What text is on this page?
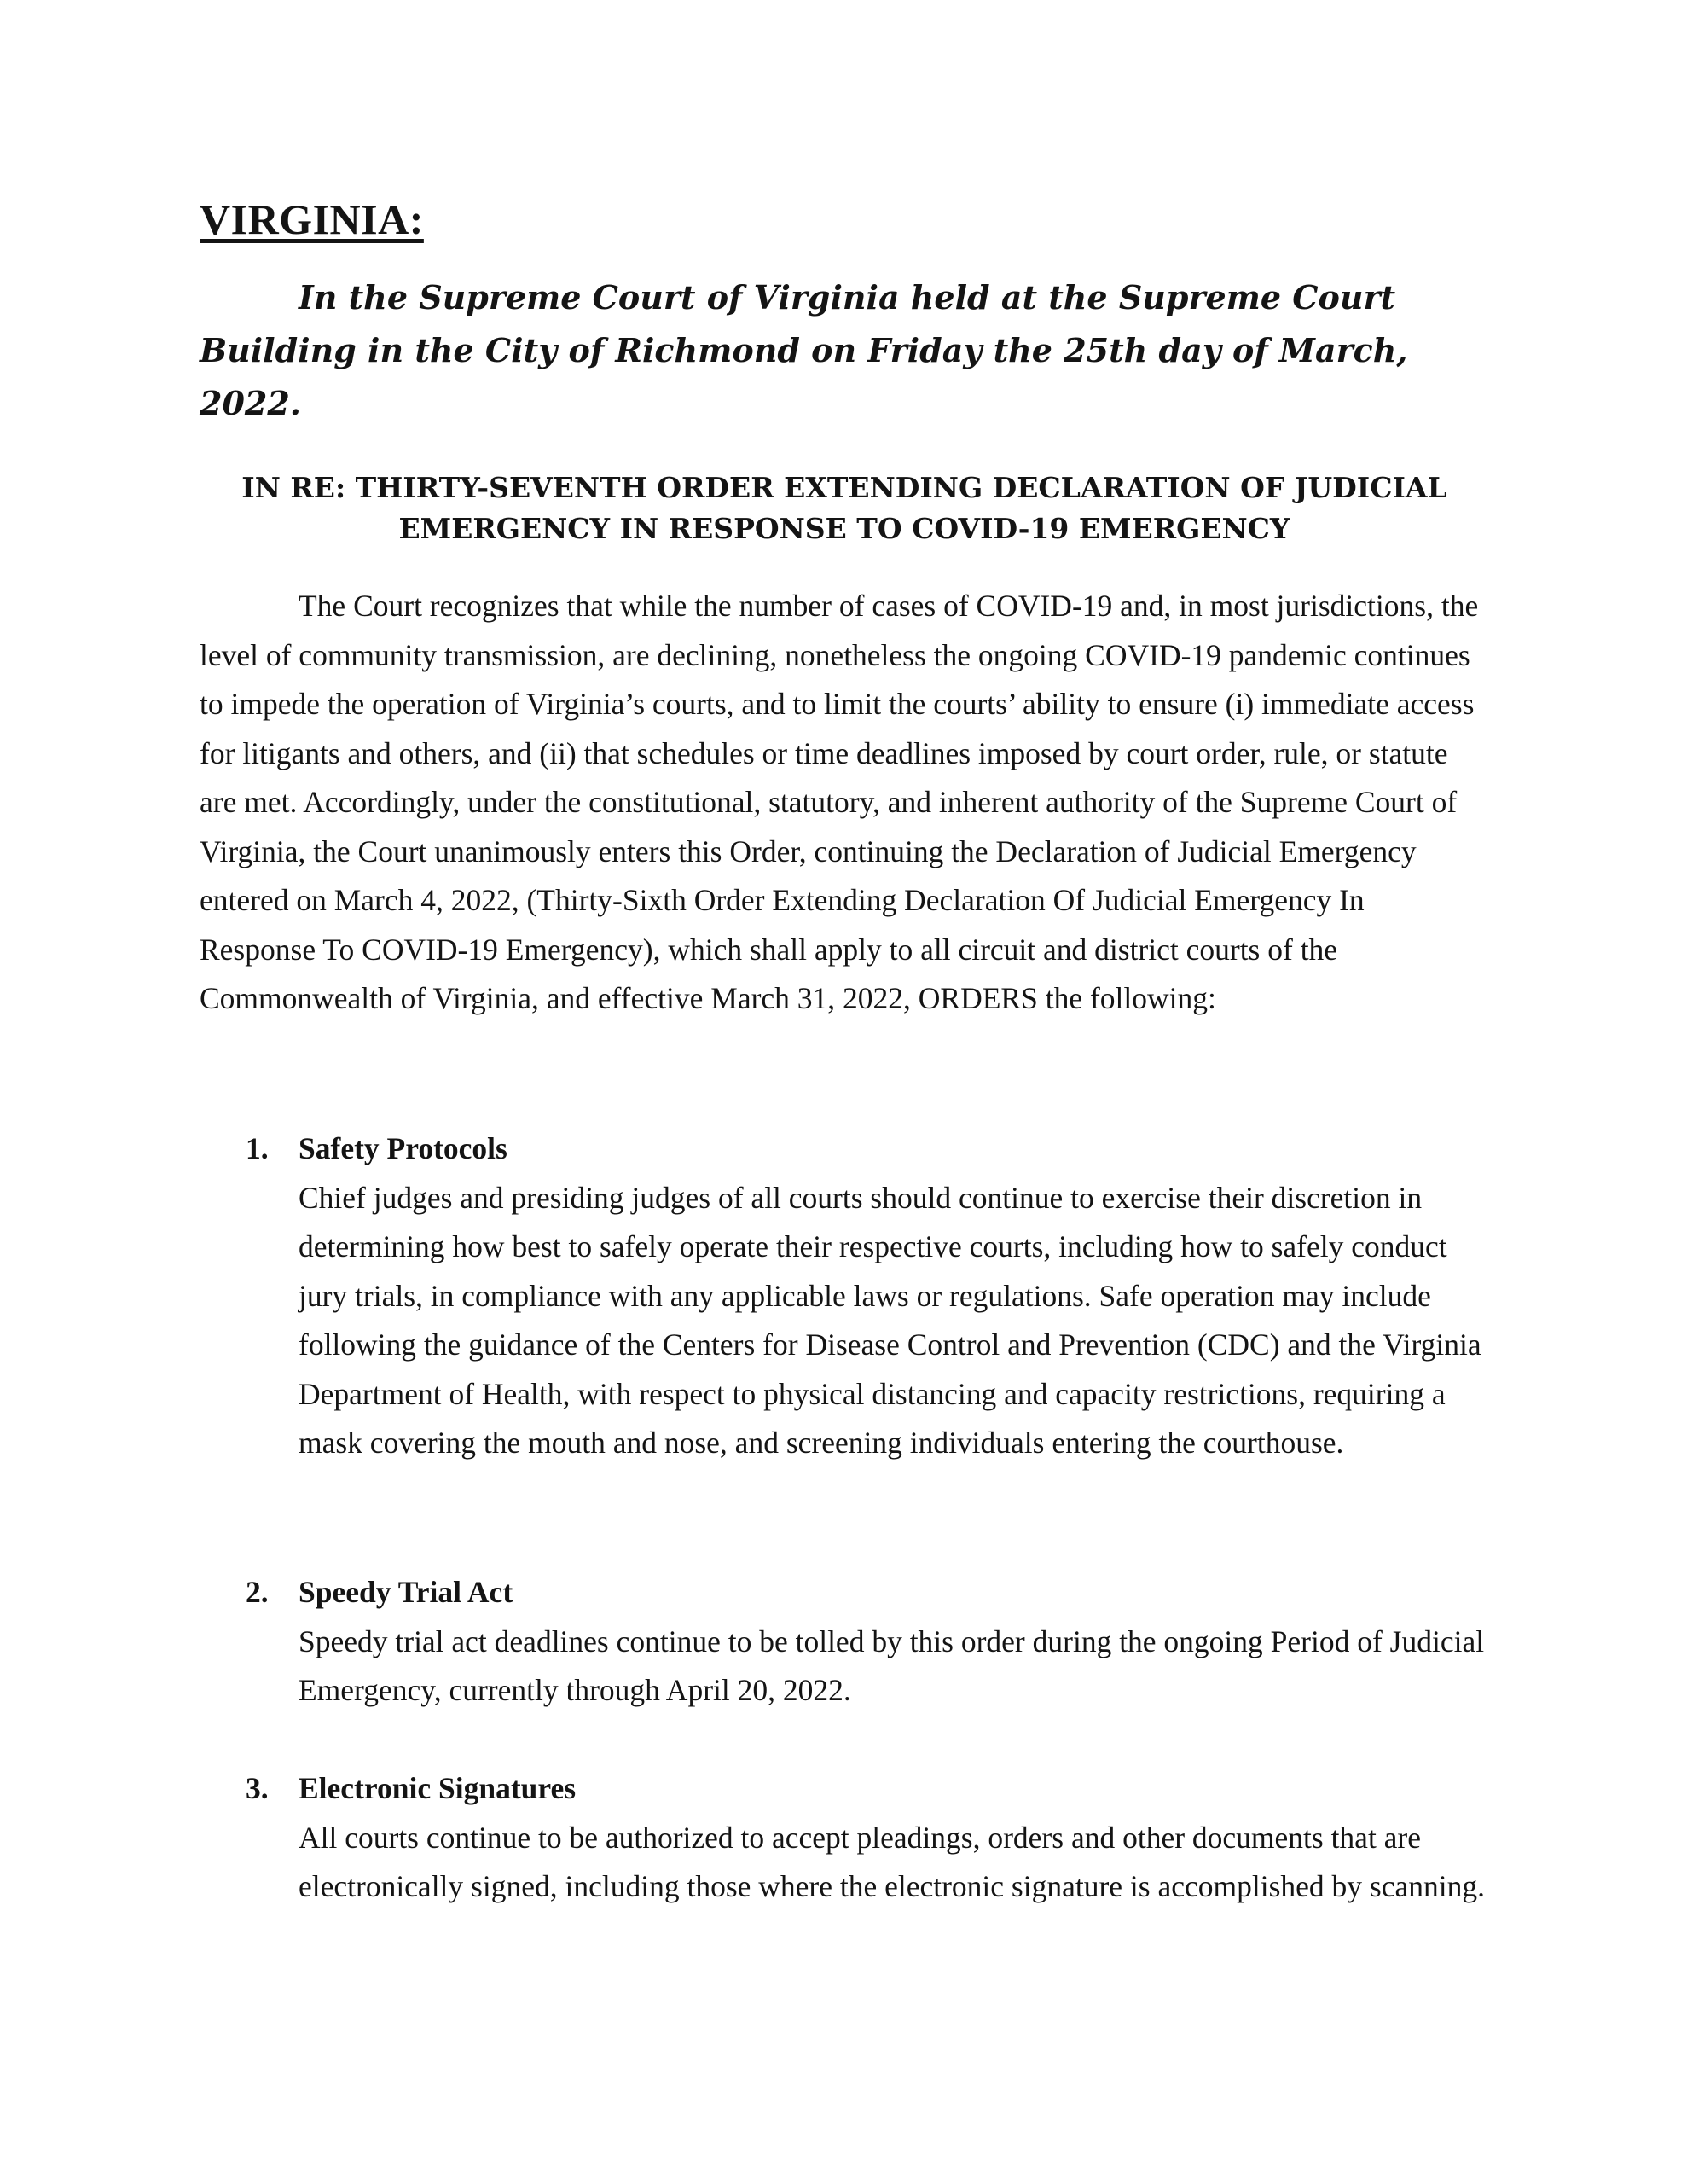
VIRGINIA:

In the Supreme Court of Virginia held at the Supreme Court Building in the City of Richmond on Friday the 25th day of March, 2022.

IN RE: THIRTY-SEVENTH ORDER EXTENDING DECLARATION OF JUDICIAL
EMERGENCY IN RESPONSE TO COVID-19 EMERGENCY

The Court recognizes that while the number of cases of COVID-19 and, in most jurisdictions, the level of community transmission, are declining, nonetheless the ongoing COVID-19 pandemic continues to impede the operation of Virginia’s courts, and to limit the courts’ ability to ensure (i) immediate access for litigants and others, and (ii) that schedules or time deadlines imposed by court order, rule, or statute are met. Accordingly, under the constitutional, statutory, and inherent authority of the Supreme Court of Virginia, the Court unanimously enters this Order, continuing the Declaration of Judicial Emergency entered on March 4, 2022, (Thirty-Sixth Order Extending Declaration Of Judicial Emergency In Response To COVID-19 Emergency), which shall apply to all circuit and district courts of the Commonwealth of Virginia, and effective March 31, 2022, ORDERS the following:

1. Safety Protocols
Chief judges and presiding judges of all courts should continue to exercise their discretion in determining how best to safely operate their respective courts, including how to safely conduct jury trials, in compliance with any applicable laws or regulations. Safe operation may include following the guidance of the Centers for Disease Control and Prevention (CDC) and the Virginia Department of Health, with respect to physical distancing and capacity restrictions, requiring a mask covering the mouth and nose, and screening individuals entering the courthouse.
2. Speedy Trial Act
Speedy trial act deadlines continue to be tolled by this order during the ongoing Period of Judicial Emergency, currently through April 20, 2022.
3. Electronic Signatures
All courts continue to be authorized to accept pleadings, orders and other documents that are electronically signed, including those where the electronic signature is accomplished by scanning.
